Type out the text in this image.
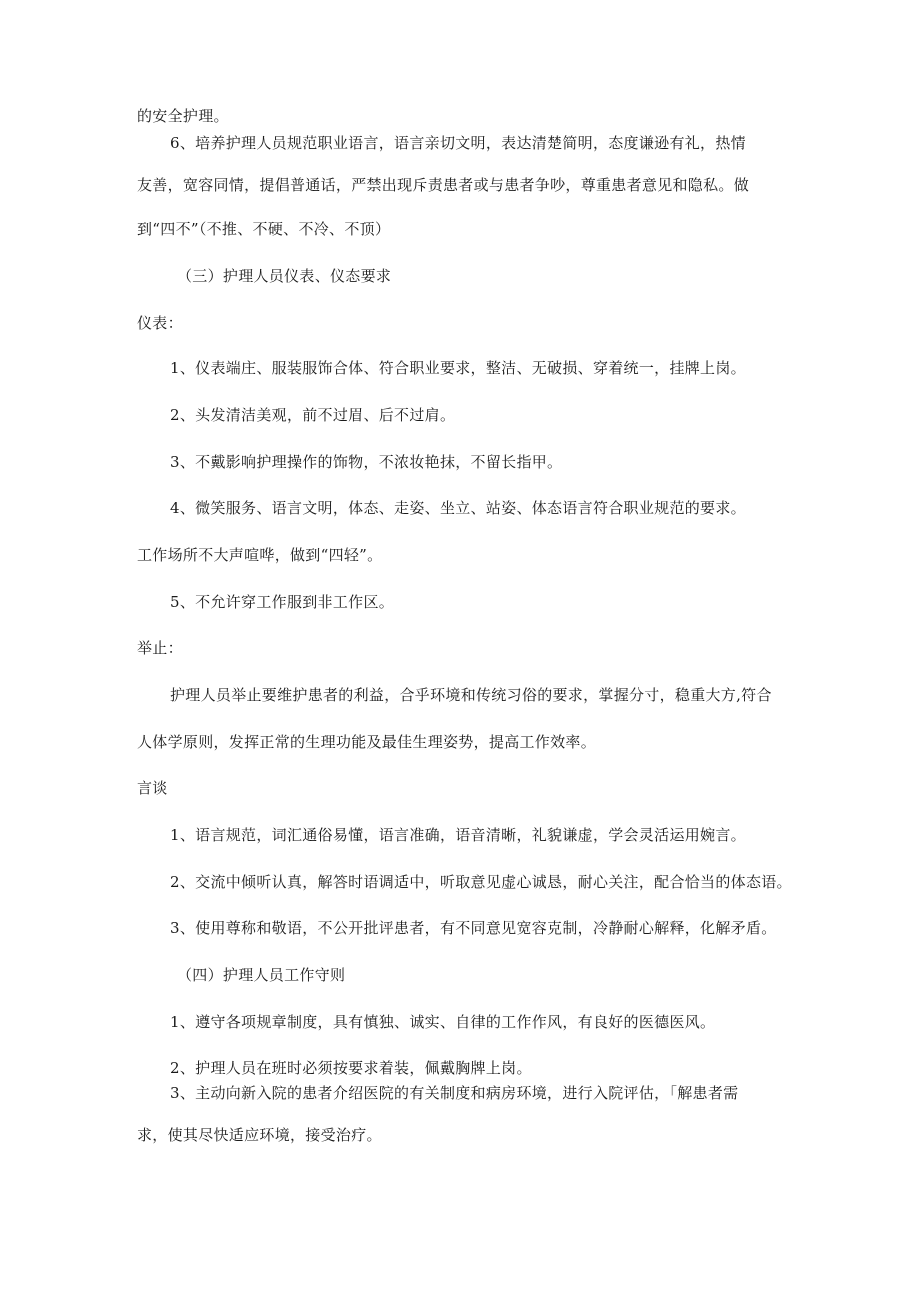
的安全护理。
6、培养护理人员规范职业语言，语言亲切文明，表达清楚简明，态度谦逊有礼，热情
友善，宽容同情，提倡普通话，严禁出现斥责患者或与患者争吵，尊重患者意见和隐私。做
到“四不”（不推、不硬、不冷、不顶）
（三）护理人员仪表、仪态要求
仪表：
1、仪表端庄、服装服饰合体、符合职业要求，整洁、无破损、穿着统一，挂牌上岗。
2、头发清洁美观，前不过眉、后不过肩。
3、不戴影响护理操作的饰物，不浓妆艳抹，不留长指甲。
4、微笑服务、语言文明，体态、走姿、坐立、站姿、体态语言符合职业规范的要求。
工作场所不大声喧哗，做到“四轻”。
5、不允许穿工作服到非工作区。
举止：
护理人员举止要维护患者的利益，合乎环境和传统习俗的要求，掌握分寸，稳重大方,符合
人体学原则，发挥正常的生理功能及最佳生理姿势，提高工作效率。
言谈
1、语言规范，词汇通俗易懂，语言准确，语音清晰，礼貌谦虚，学会灵活运用婉言。
2、交流中倾听认真，解答时语调适中，听取意见虚心诚恳，耐心关注，配合恰当的体态语。
3、使用尊称和敬语，不公开批评患者，有不同意见宽容克制，冷静耐心解释，化解矛盾。
（四）护理人员工作守则
1、遵守各项规章制度，具有慎独、诚实、自律的工作作风，有良好的医德医风。
2、护理人员在班时必须按要求着装，佩戴胸牌上岗。
3、主动向新入院的患者介绍医院的有关制度和病房环境，进行入院评估，「解患者需
求，使其尽快适应环境，接受治疗。
